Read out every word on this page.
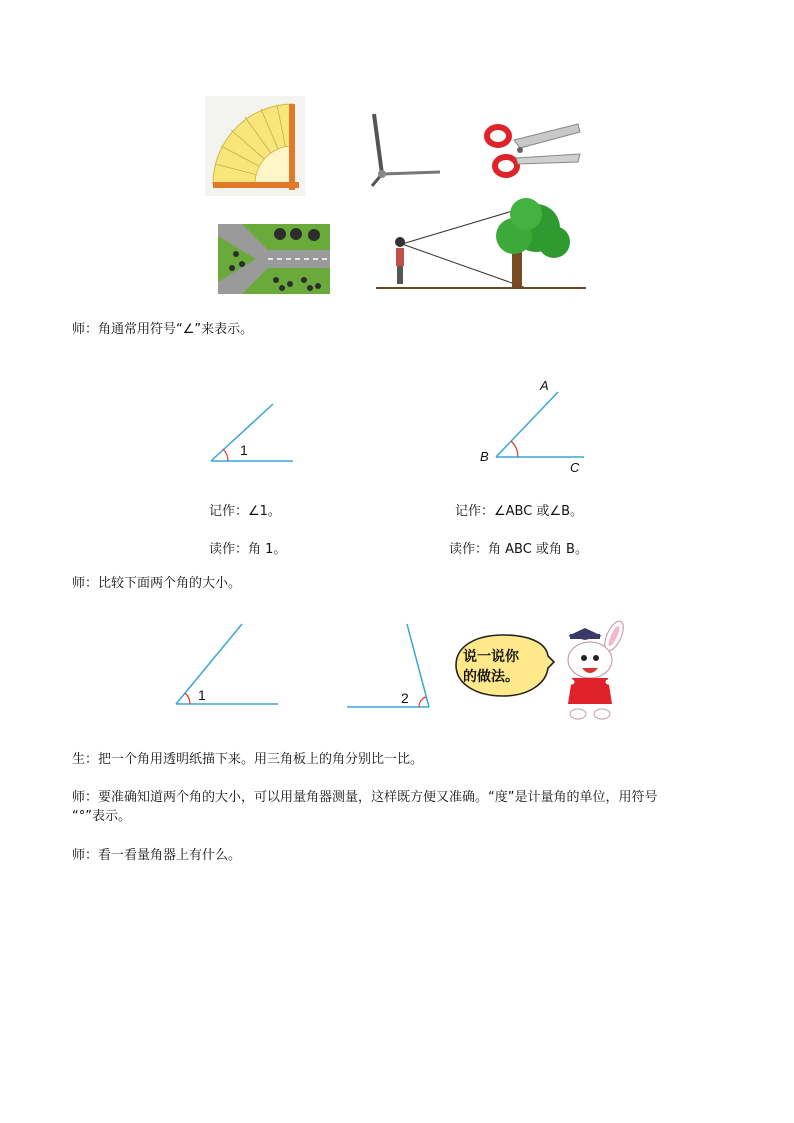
师：角通常用符号“∠”来表示。
1
A
B
C
记作：∠1。	记作：∠ABC 或∠B。
读作：角 1。	读作：角 ABC 或角 B。
师：比较下面两个角的大小。
1	2
说一说你
的做法。
生：把一个角用透明纸描下来。用三角板上的角分别比一比。
师：要准确知道两个角的大小，可以用量角器测量，这样既方便又准确。“度”是计量角的单位，用符号
“°”表示。
师：看一看量角器上有什么。
